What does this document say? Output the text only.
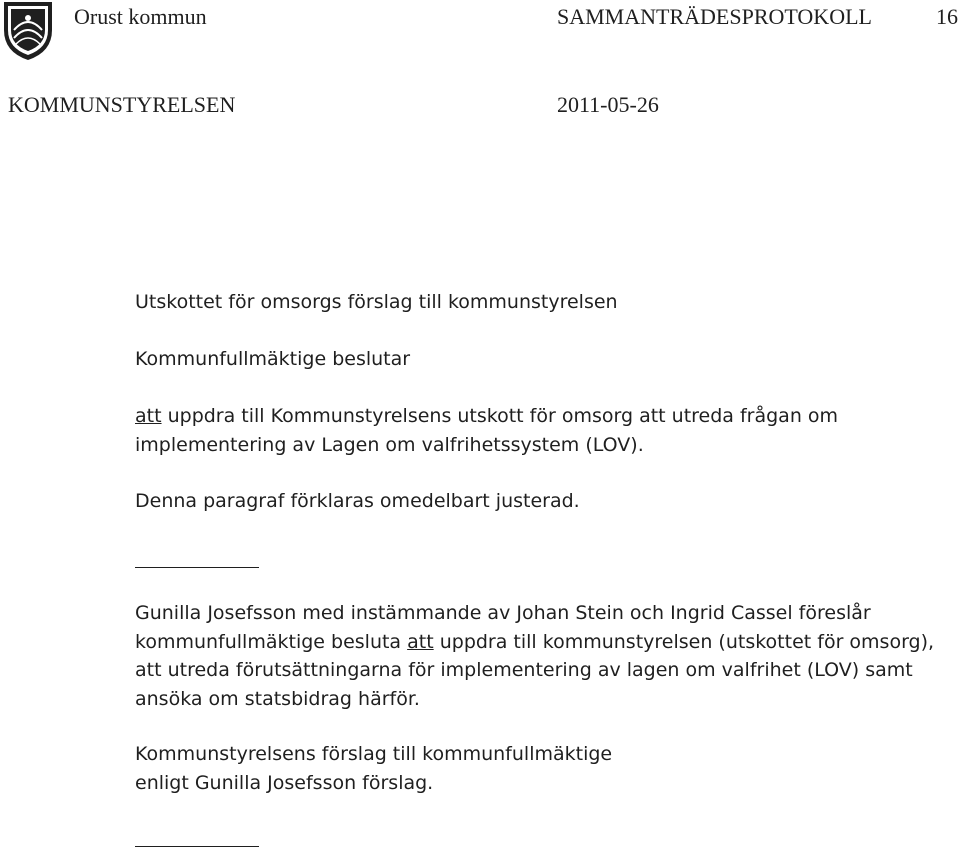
Orust kommun	SAMMANTRÄDESPROTOKOLL	16
KOMMUNSTYRELSEN	2011-05-26
Utskottet för omsorgs förslag till kommunstyrelsen
Kommunfullmäktige beslutar
att uppdra till Kommunstyrelsens utskott för omsorg att utreda frågan om
implementering av Lagen om valfrihetssystem (LOV).
Denna paragraf förklaras omedelbart justerad.
Gunilla Josefsson med instämmande av Johan Stein och Ingrid Cassel föreslår
kommunfullmäktige besluta att uppdra till kommunstyrelsen (utskottet för omsorg),
att utreda förutsättningarna för implementering av lagen om valfrihet (LOV) samt
ansöka om statsbidrag härför.
Kommunstyrelsens förslag till kommunfullmäktige
enligt Gunilla Josefsson förslag.
